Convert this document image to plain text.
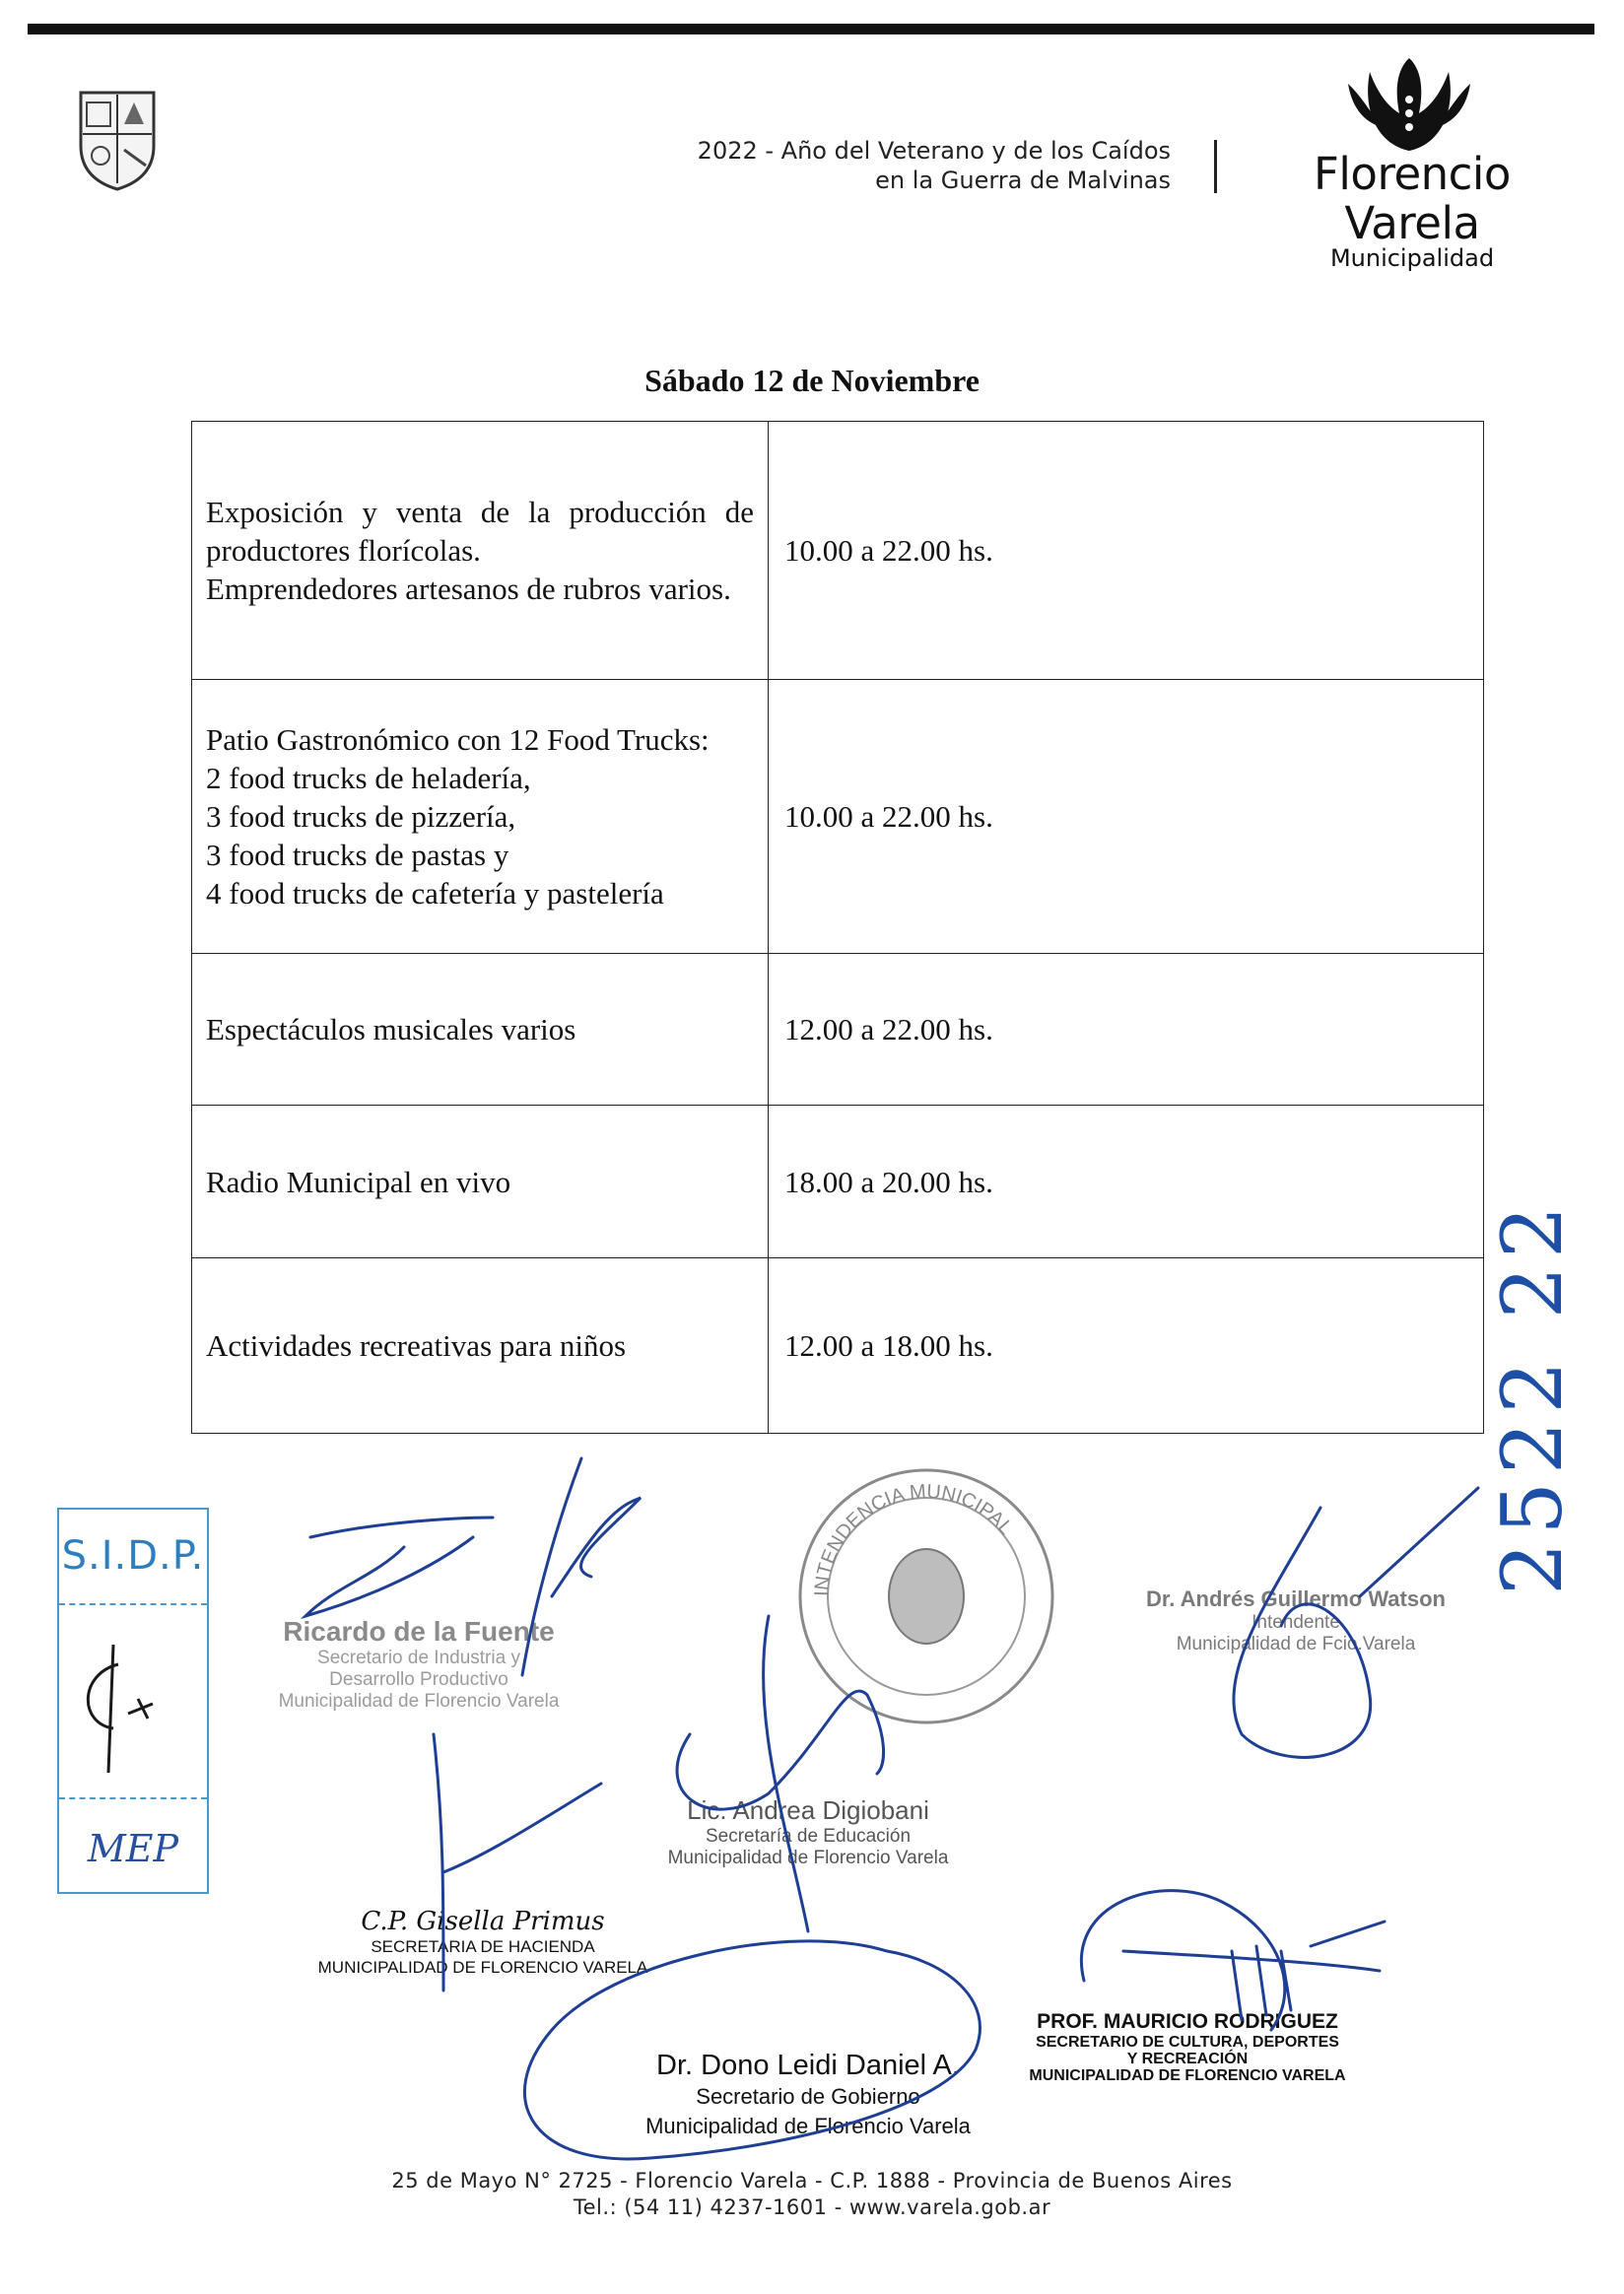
2022 - Año del Veterano y de los Caídos
en la Guerra de Malvinas	Florencio Varela
Municipalidad
Sábado 12 de Noviembre
Exposición y venta de la producción de productores florícolas.
Emprendedores artesanos de rubros varios.	10.00 a 22.00 hs.

Patio Gastronómico con 12 Food Trucks:
2 food trucks de heladería,
3 food trucks de pizzería,
3 food trucks de pastas y
4 food trucks de cafetería y pastelería	10.00 a 22.00 hs.

Espectáculos musicales varios	12.00 a 22.00 hs.

Radio Municipal en vivo	18.00 a 20.00 hs.

Actividades recreativas para niños	12.00 a 18.00 hs.
S.I.D.P.
MEP
2522 22
INTENDENCIA MUNICIPAL
Ricardo de la Fuente
Secretario de Industria y
Desarrollo Productivo
Municipalidad de Florencio Varela
Dr. Andrés Guillermo Watson
Intendente
Municipalidad de Fcio.Varela
Lic. Andrea Digiobani
Secretaría de Educación
Municipalidad de Florencio Varela
C.P. Gisella Primus
SECRETARIA DE HACIENDA
MUNICIPALIDAD DE FLORENCIO VARELA
PROF. MAURICIO RODRIGUEZ
SECRETARIO DE CULTURA, DEPORTES
Y RECREACIÓN
MUNICIPALIDAD DE FLORENCIO VARELA
Dr. Dono Leidi Daniel A.
Secretario de Gobierno
Municipalidad de Florencio Varela
25 de Mayo N° 2725 - Florencio Varela - C.P. 1888 - Provincia de Buenos Aires
Tel.: (54 11) 4237-1601 - www.varela.gob.ar
